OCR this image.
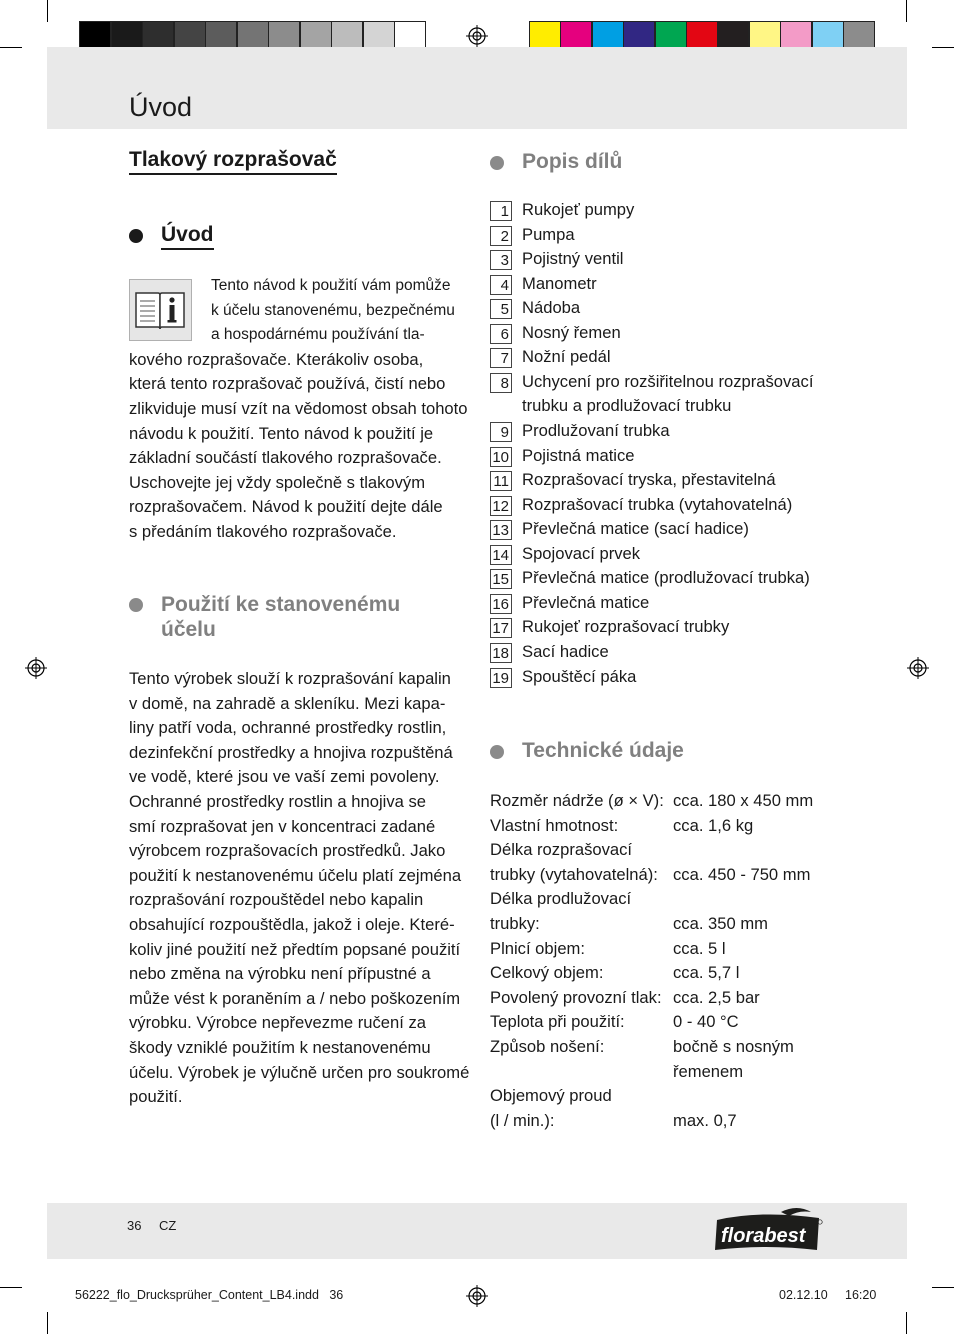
Úvod
Tlakový rozprašovač
Úvod
Tento návod k použití vám pomůže
k účelu stanovenému, bezpečnému
a hospodárnému používání tla-
kového rozprašovače. Kterákoliv osoba,
která tento rozprašovač používá, čistí nebo
zlikviduje musí vzít na vědomost obsah tohoto
návodu k použití. Tento návod k použití je
základní součástí tlakového rozprašovače.
Uschovejte jej vždy společně s tlakovým
rozprašovačem. Návod k použití dejte dále
s předáním tlakového rozprašovače.
Použití ke stanovenému
účelu
Tento výrobek slouží k rozprašování kapalin
v domě, na zahradě a skleníku. Mezi kapa-
liny patří voda, ochranné prostředky rostlin,
dezinfekční prostředky a hnojiva rozpuštěná
ve vodě, které jsou ve vaší zemi povoleny.
Ochranné prostředky rostlin a hnojiva se
smí rozprašovat jen v koncentraci zadané
výrobcem rozprašovacích prostředků. Jako
použití k nestanovenému účelu platí zejména
rozprašování rozpouštědel nebo kapalin
obsahující rozpouštědla, jakož i oleje. Které-
koliv jiné použití než předtím popsané použití
nebo změna na výrobku není přípustné a
může vést k poraněním a / nebo poškozením
výrobku. Výrobce nepřevezme ručení za
škody vzniklé použitím k nestanovenému
účelu. Výrobek je výlučně určen pro soukromé
použití.
Popis dílů
1 Rukojeť pumpy
2 Pumpa
3 Pojistný ventil
4 Manometr
5 Nádoba
6 Nosný řemen
7 Nožní pedál
8 Uchycení pro rozšiřitelnou rozprašovací
trubku a prodlužovací trubku
9 Prodlužovaní trubka
10 Pojistná matice
11 Rozprašovací tryska, přestavitelná
12 Rozprašovací trubka (vytahovatelná)
13 Převlečná matice (sací hadice)
14 Spojovací prvek
15 Převlečná matice (prodlužovací trubka)
16 Převlečná matice
17 Rukojeť rozprašovací trubky
18 Sací hadice
19 Spouštěcí páka
Technické údaje
Rozměr nádrže (ø × V): cca. 180 x 450 mm
Vlastní hmotnost:	cca. 1,6 kg
Délka rozprašovací
trubky (vytahovatelná): cca. 450 - 750 mm
Délka prodlužovací
trubky:	cca. 350 mm
Plnicí objem:	cca. 5 l
Celkový objem:	cca. 5,7 l
Povolený provozní tlak: cca. 2,5 bar
Teplota při použití:	0 - 40 °C
Způsob nošení:	bočně s nosným
řemenem
Objemový proud
(l / min.):	max. 0,7
36 CZ	florabest
56222_flo_Drucksprüher_Content_LB4.indd   36	02.12.10 16:20
